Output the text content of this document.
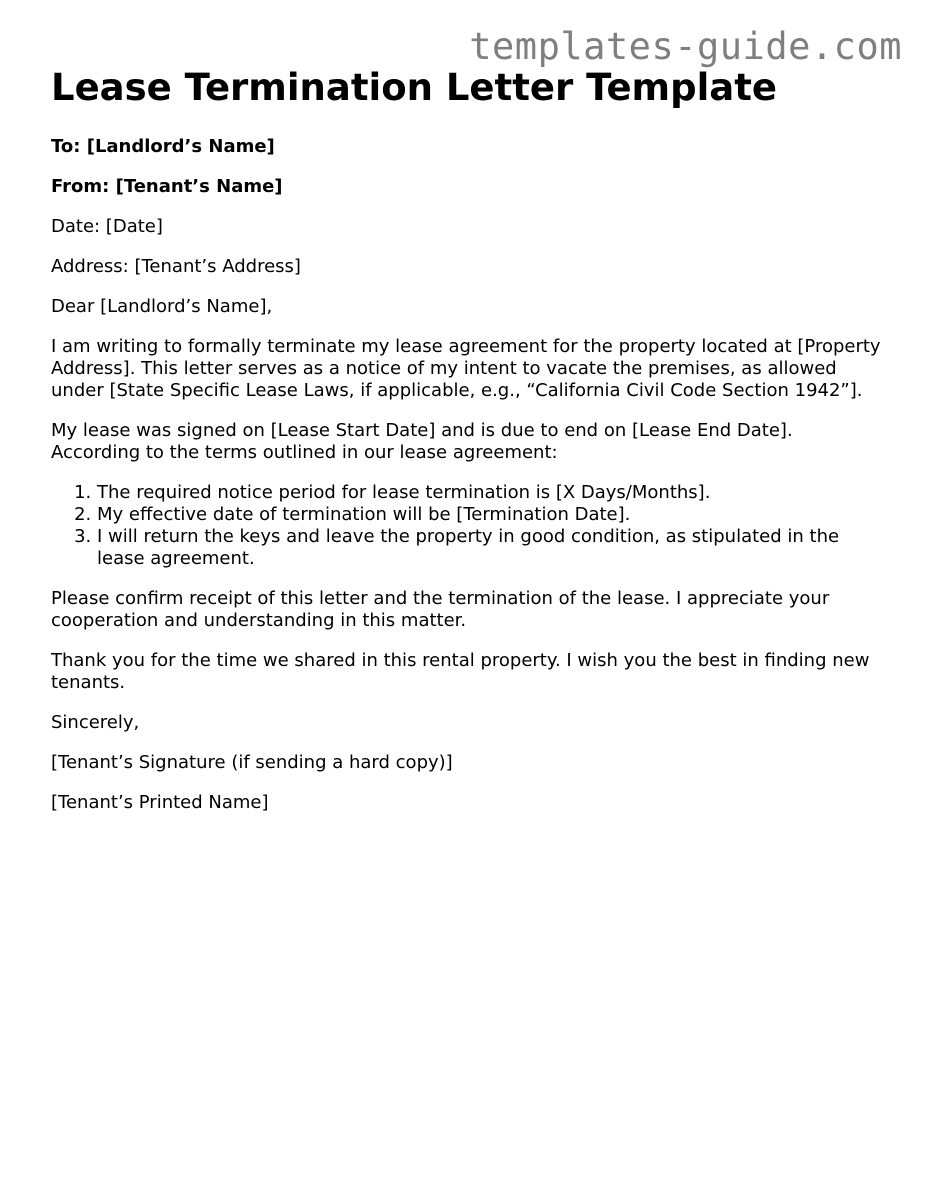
templates-guide.com
Lease Termination Letter Template

To: [Landlord’s Name]

From: [Tenant’s Name]

Date: [Date]

Address: [Tenant’s Address]

Dear [Landlord’s Name],

I am writing to formally terminate my lease agreement for the property located at [Property Address]. This letter serves as a notice of my intent to vacate the premises, as allowed under [State Specific Lease Laws, if applicable, e.g., “California Civil Code Section 1942”].

My lease was signed on [Lease Start Date] and is due to end on [Lease End Date]. According to the terms outlined in our lease agreement:

1. The required notice period for lease termination is [X Days/Months].
2. My effective date of termination will be [Termination Date].
3. I will return the keys and leave the property in good condition, as stipulated in the lease agreement.

Please confirm receipt of this letter and the termination of the lease. I appreciate your cooperation and understanding in this matter.

Thank you for the time we shared in this rental property. I wish you the best in finding new tenants.

Sincerely,

[Tenant’s Signature (if sending a hard copy)]

[Tenant’s Printed Name]
